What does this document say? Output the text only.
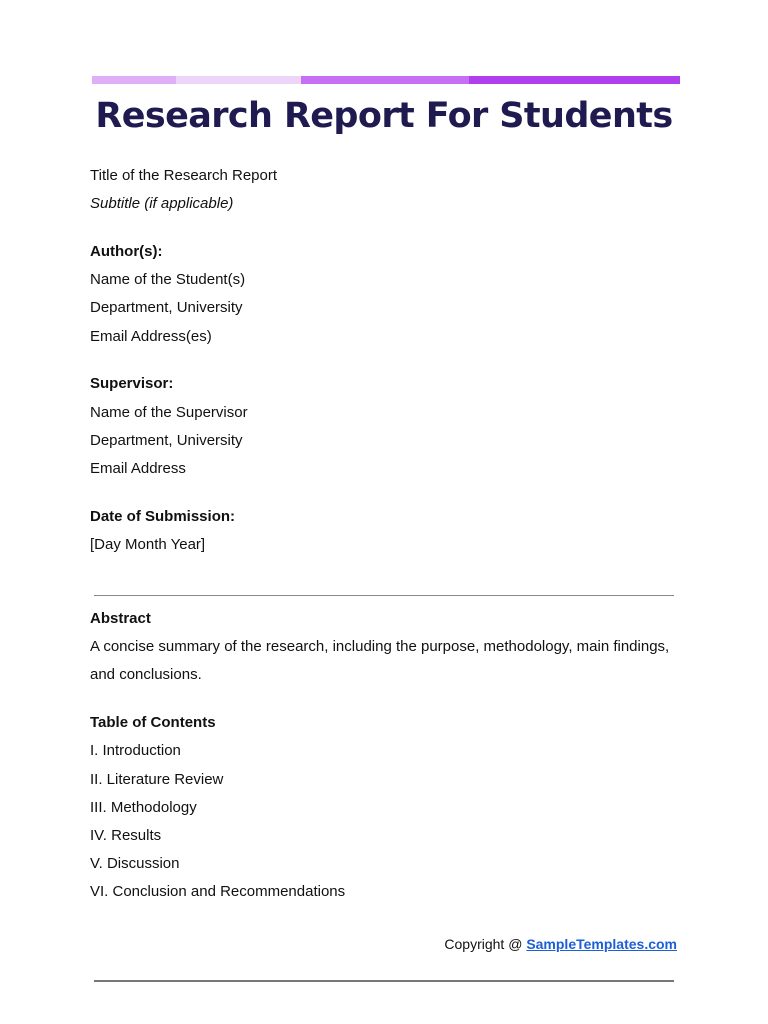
Research Report For Students
Title of the Research Report
Subtitle (if applicable)
Author(s):
Name of the Student(s)
Department, University
Email Address(es)
Supervisor:
Name of the Supervisor
Department, University
Email Address
Date of Submission:
[Day Month Year]
Abstract
A concise summary of the research, including the purpose, methodology, main findings, and conclusions.
Table of Contents
I. Introduction
II. Literature Review
III. Methodology
IV. Results
V. Discussion
VI. Conclusion and Recommendations
Copyright @ SampleTemplates.com
